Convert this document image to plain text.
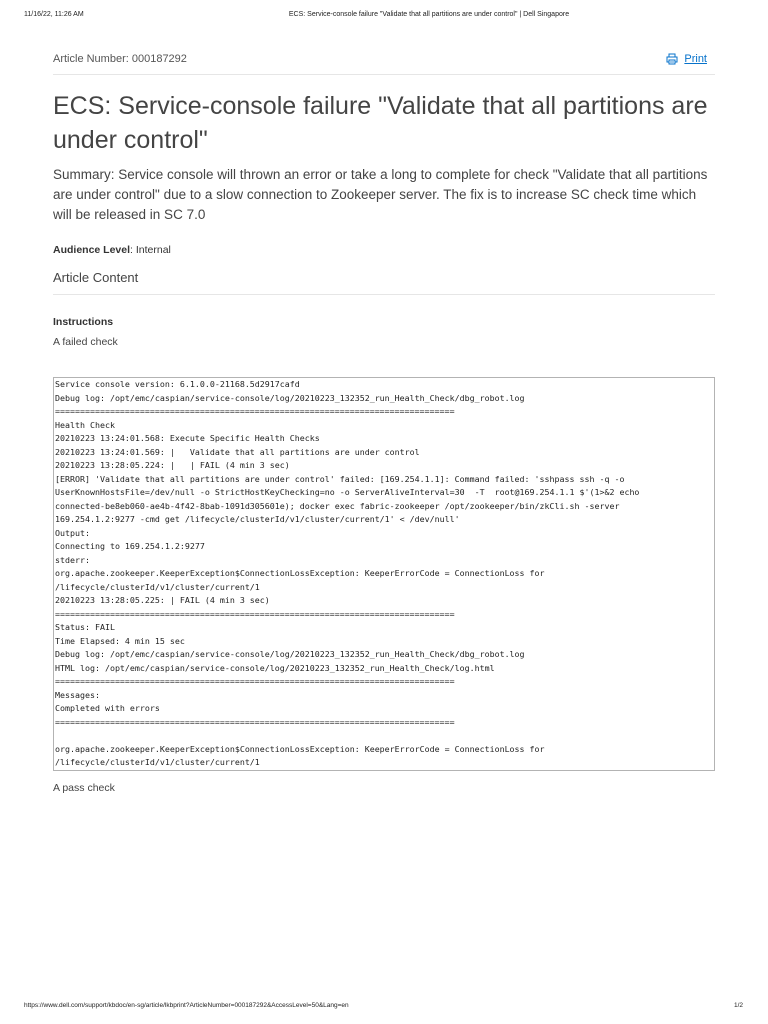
11/16/22, 11:26 AM	ECS: Service-console failure "Validate that all partitions are under control" | Dell Singapore
Article Number: 000187292	Print
ECS: Service-console failure "Validate that all partitions are under control"
Summary: Service console will thrown an error or take a long to complete for check "Validate that all partitions are under control" due to a slow connection to Zookeeper server. The fix is to increase SC check time which will be released in SC 7.0
Audience Level: Internal
Article Content
Instructions
A failed check
Service console version: 6.1.0.0-21168.5d2917cafd
Debug log: /opt/emc/caspian/service-console/log/20210223_132352_run_Health_Check/dbg_robot.log
================================================================================
Health Check
20210223 13:24:01.568: Execute Specific Health Checks
20210223 13:24:01.569: |   Validate that all partitions are under control
20210223 13:28:05.224: |   | FAIL (4 min 3 sec)
[ERROR] 'Validate that all partitions are under control' failed: [169.254.1.1]: Command failed: 'sshpass ssh -q -o
UserKnownHostsFile=/dev/null -o StrictHostKeyChecking=no -o ServerAliveInterval=30  -T  root@169.254.1.1 $'(1>&2 echo
connected-be8eb060-ae4b-4f42-8bab-1091d305601e); docker exec fabric-zookeeper /opt/zookeeper/bin/zkCli.sh -server
169.254.1.2:9277 -cmd get /lifecycle/clusterId/v1/cluster/current/1' < /dev/null'
Output:
Connecting to 169.254.1.2:9277
stderr:
org.apache.zookeeper.KeeperException$ConnectionLossException: KeeperErrorCode = ConnectionLoss for
/lifecycle/clusterId/v1/cluster/current/1
20210223 13:28:05.225: | FAIL (4 min 3 sec)
================================================================================
Status: FAIL
Time Elapsed: 4 min 15 sec
Debug log: /opt/emc/caspian/service-console/log/20210223_132352_run_Health_Check/dbg_robot.log
HTML log: /opt/emc/caspian/service-console/log/20210223_132352_run_Health_Check/log.html
================================================================================
Messages:
Completed with errors
================================================================================

org.apache.zookeeper.KeeperException$ConnectionLossException: KeeperErrorCode = ConnectionLoss for
/lifecycle/clusterId/v1/cluster/current/1
A pass check
https://www.dell.com/support/kbdoc/en-sg/article/lkbprint?ArticleNumber=000187292&AccessLevel=50&Lang=en	1/2
